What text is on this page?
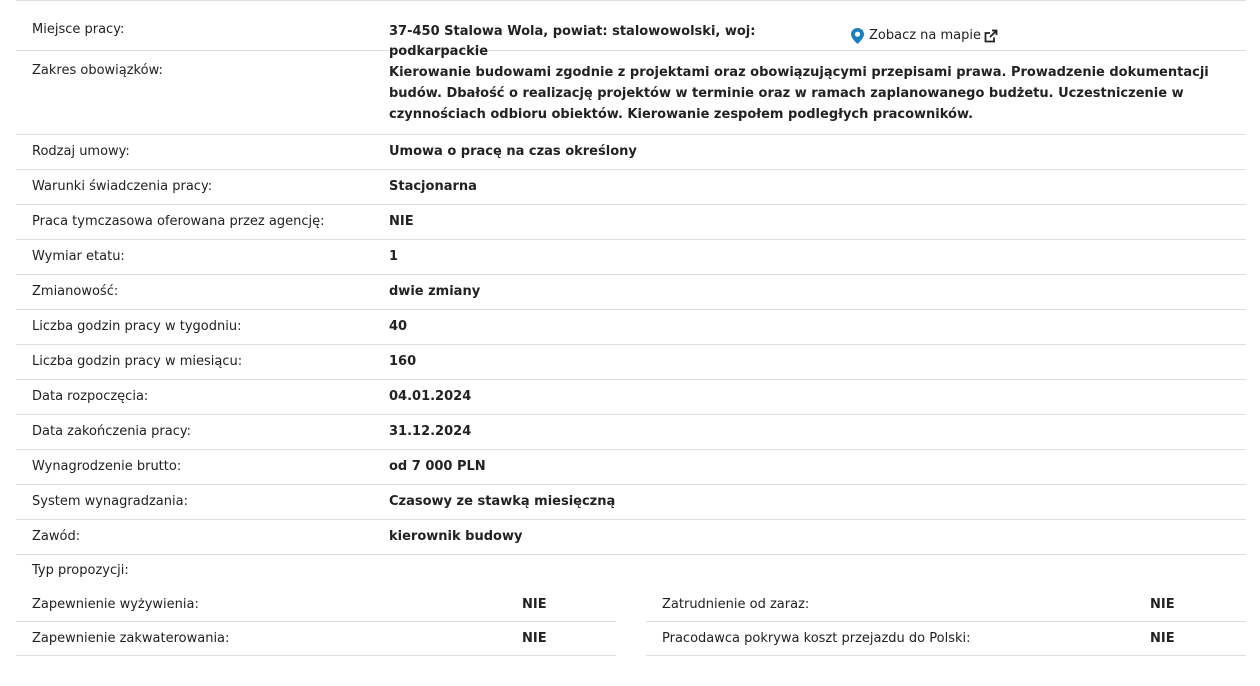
Miejsce pracy:	37-450 Stalowa Wola, powiat: stalowowolski, woj: podkarpackie
Zobacz na mapie
Zakres obowiązków:	Kierowanie budowami zgodnie z projektami oraz obowiązującymi przepisami prawa. Prowadzenie dokumentacji budów. Dbałość o realizację projektów w terminie oraz w ramach zaplanowanego budżetu. Uczestniczenie w czynnościach odbioru obiektów. Kierowanie zespołem podległych pracowników.
Rodzaj umowy:	Umowa o pracę na czas określony
Warunki świadczenia pracy:	Stacjonarna
Praca tymczasowa oferowana przez agencję:	NIE
Wymiar etatu:	1
Zmianowość:	dwie zmiany
Liczba godzin pracy w tygodniu:	40
Liczba godzin pracy w miesiącu:	160
Data rozpoczęcia:	04.01.2024
Data zakończenia pracy:	31.12.2024
Wynagrodzenie brutto:	od 7 000 PLN
System wynagradzania:	Czasowy ze stawką miesięczną
Zawód:	kierownik budowy
Typ propozycji:
Zapewnienie wyżywienia:	NIE
Zapewnienie zakwaterowania:	NIE
Zatrudnienie od zaraz:	NIE
Pracodawca pokrywa koszt przejazdu do Polski:	NIE
